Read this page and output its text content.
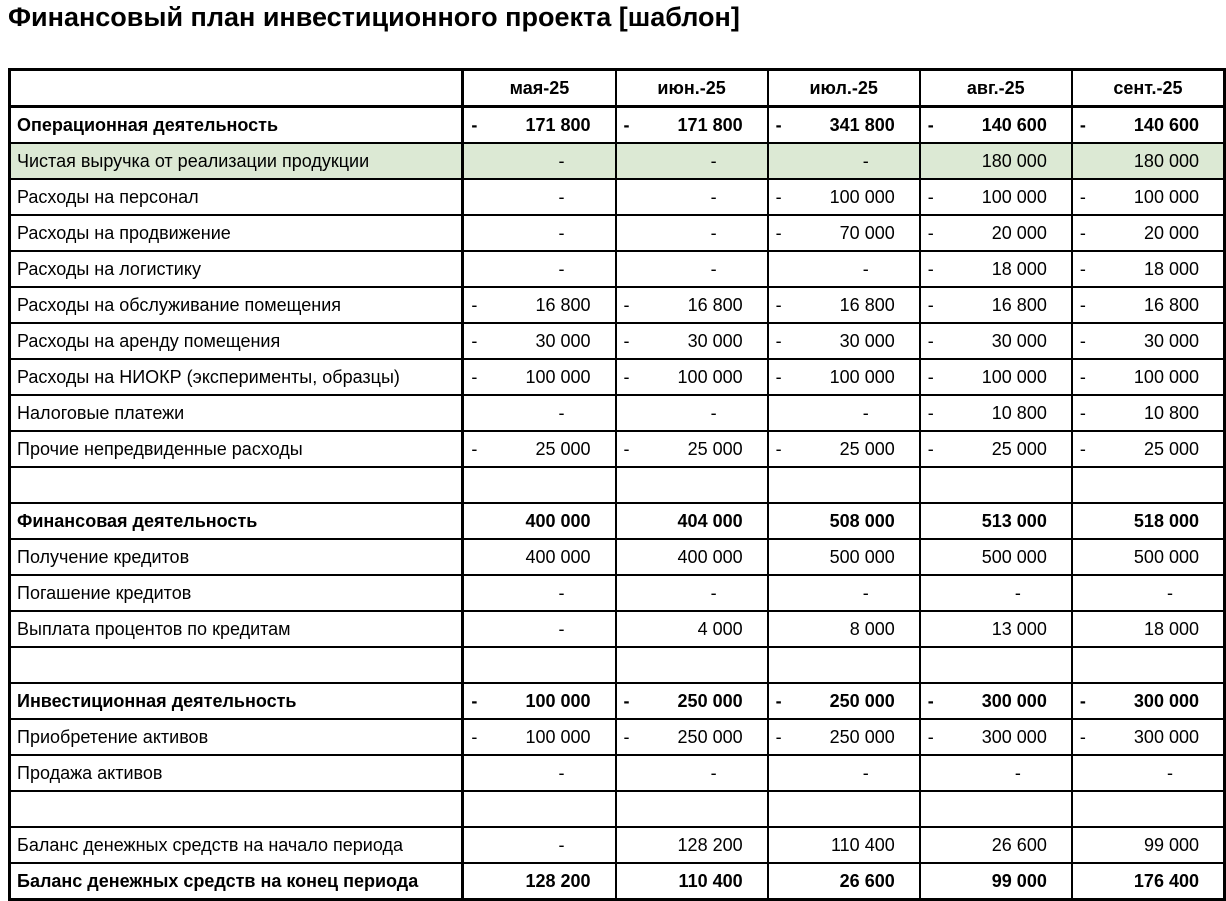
Финансовый план инвестиционного проекта [шаблон]
	мая-25	июн.-25	июл.-25	авг.-25	сент.-25
Операционная деятельность	- 171 800	- 171 800	- 341 800	- 140 600	- 140 600

Чистая выручка от реализации продукции	-	-	-	180 000	180 000

Расходы на персонал	-	-	- 100 000	- 100 000	- 100 000

Расходы на продвижение	-	-	- 70 000	- 20 000	- 20 000

Расходы на логистику	-	-	-	- 18 000	- 18 000

Расходы на обслуживание помещения	- 16 800	- 16 800	- 16 800	- 16 800	- 16 800

Расходы на аренду помещения	- 30 000	- 30 000	- 30 000	- 30 000	- 30 000

Расходы на НИОКР (эксперименты, образцы)	- 100 000	- 100 000	- 100 000	- 100 000	- 100 000

Налоговые платежи	-	-	-	- 10 800	- 10 800

Прочие непредвиденные расходы	- 25 000	- 25 000	- 25 000	- 25 000	- 25 000

Финансовая деятельность	400 000	404 000	508 000	513 000	518 000

Получение кредитов	400 000	400 000	500 000	500 000	500 000

Погашение кредитов	-	-	-	-	-

Выплата процентов по кредитам	-	4 000	8 000	13 000	18 000

Инвестиционная деятельность	- 100 000	- 250 000	- 250 000	- 300 000	- 300 000

Приобретение активов	- 100 000	- 250 000	- 250 000	- 300 000	- 300 000

Продажа активов	-	-	-	-	-

Баланс денежных средств на начало периода	-	128 200	110 400	26 600	99 000

Баланс денежных средств на конец периода	128 200	110 400	26 600	99 000	176 400
